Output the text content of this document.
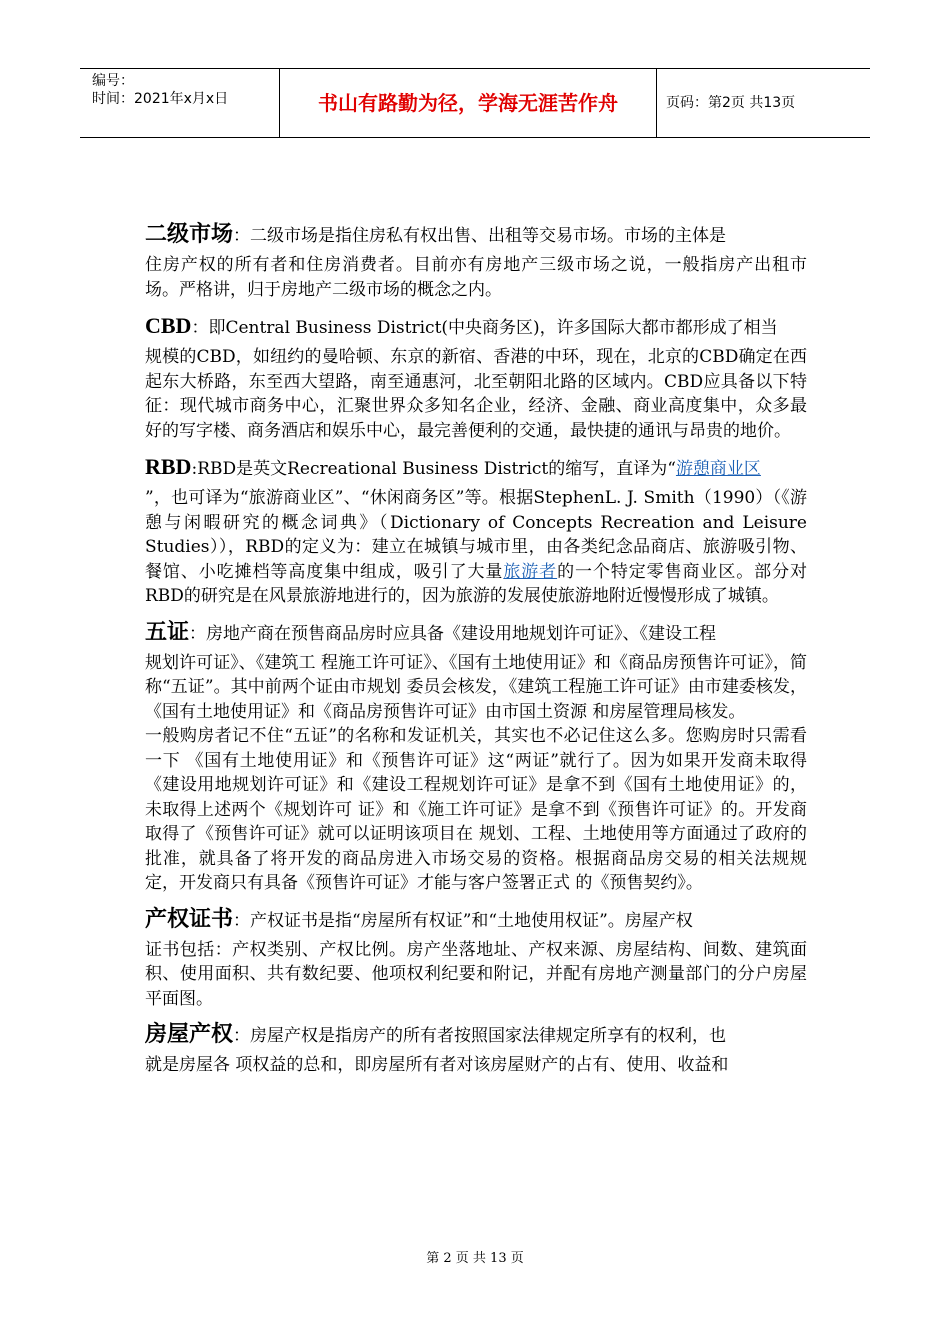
编号：
时间：2021年x月x日	书山有路勤为径，学海无涯苦作舟	页码：第2页 共13页
二级市场：二级市场是指住房私有权出售、出租等交易市场。市场的主体是
住房产权的所有者和住房消费者。目前亦有房地产三级市场之说，一般指房产出租市场。严格讲，归于房地产二级市场的概念之内。
CBD：即Central Business District(中央商务区)，许多国际大都市都形成了相当
规模的CBD，如纽约的曼哈顿、东京的新宿、香港的中环，现在，北京的CBD确定在西起东大桥路，东至西大望路，南至通惠河，北至朝阳北路的区域内。CBD应具备以下特征：现代城市商务中心，汇聚世界众多知名企业，经济、金融、商业高度集中，众多最好的写字楼、商务酒店和娱乐中心，最完善便利的交通，最快捷的通讯与昂贵的地价。
RBD:RBD是英文Recreational Business District的缩写，直译为“游憩商业区
”，也可译为“旅游商业区”、“休闲商务区”等。根据StephenL. J. Smith（1990）（《游憩与闲暇研究的概念词典》（Dictionary of Concepts Recreation and Leisure Studies）），RBD的定义为：建立在城镇与城市里，由各类纪念品商店、旅游吸引物、餐馆、小吃摊档等高度集中组成，吸引了大量旅游者的一个特定零售商业区。部分对RBD的研究是在风景旅游地进行的，因为旅游的发展使旅游地附近慢慢形成了城镇。
五证：房地产商在预售商品房时应具备《建设用地规划许可证》、《建设工程
规划许可证》、《建筑工 程施工许可证》、《国有土地使用证》和《商品房预售许可证》，简称“五证”。其中前两个证由市规划 委员会核发，《建筑工程施工许可证》由市建委核发，《国有土地使用证》和《商品房预售许可证》由市国土资源 和房屋管理局核发。
一般购房者记不住“五证”的名称和发证机关，其实也不必记住这么多。您购房时只需看一下 《国有土地使用证》和《预售许可证》这“两证”就行了。因为如果开发商未取得《建设用地规划许可证》和《建设工程规划许可证》是拿不到《国有土地使用证》的，未取得上述两个《规划许可 证》和《施工许可证》是拿不到《预售许可证》的。开发商取得了《预售许可证》就可以证明该项目在 规划、工程、土地使用等方面通过了政府的批准，就具备了将开发的商品房进入市场交易的资格。根据商品房交易的相关法规规定，开发商只有具备《预售许可证》才能与客户签署正式 的《预售契约》。
产权证书：产权证书是指“房屋所有权证”和“土地使用权证”。房屋产权
证书包括：产权类别、产权比例。房产坐落地址、产权来源、房屋结构、间数、建筑面积、使用面积、共有数纪要、他项权利纪要和附记，并配有房地产测量部门的分户房屋平面图。
房屋产权：房屋产权是指房产的所有者按照国家法律规定所享有的权利，也
就是房屋各 项权益的总和，即房屋所有者对该房屋财产的占有、使用、收益和
第 2 页 共 13 页
